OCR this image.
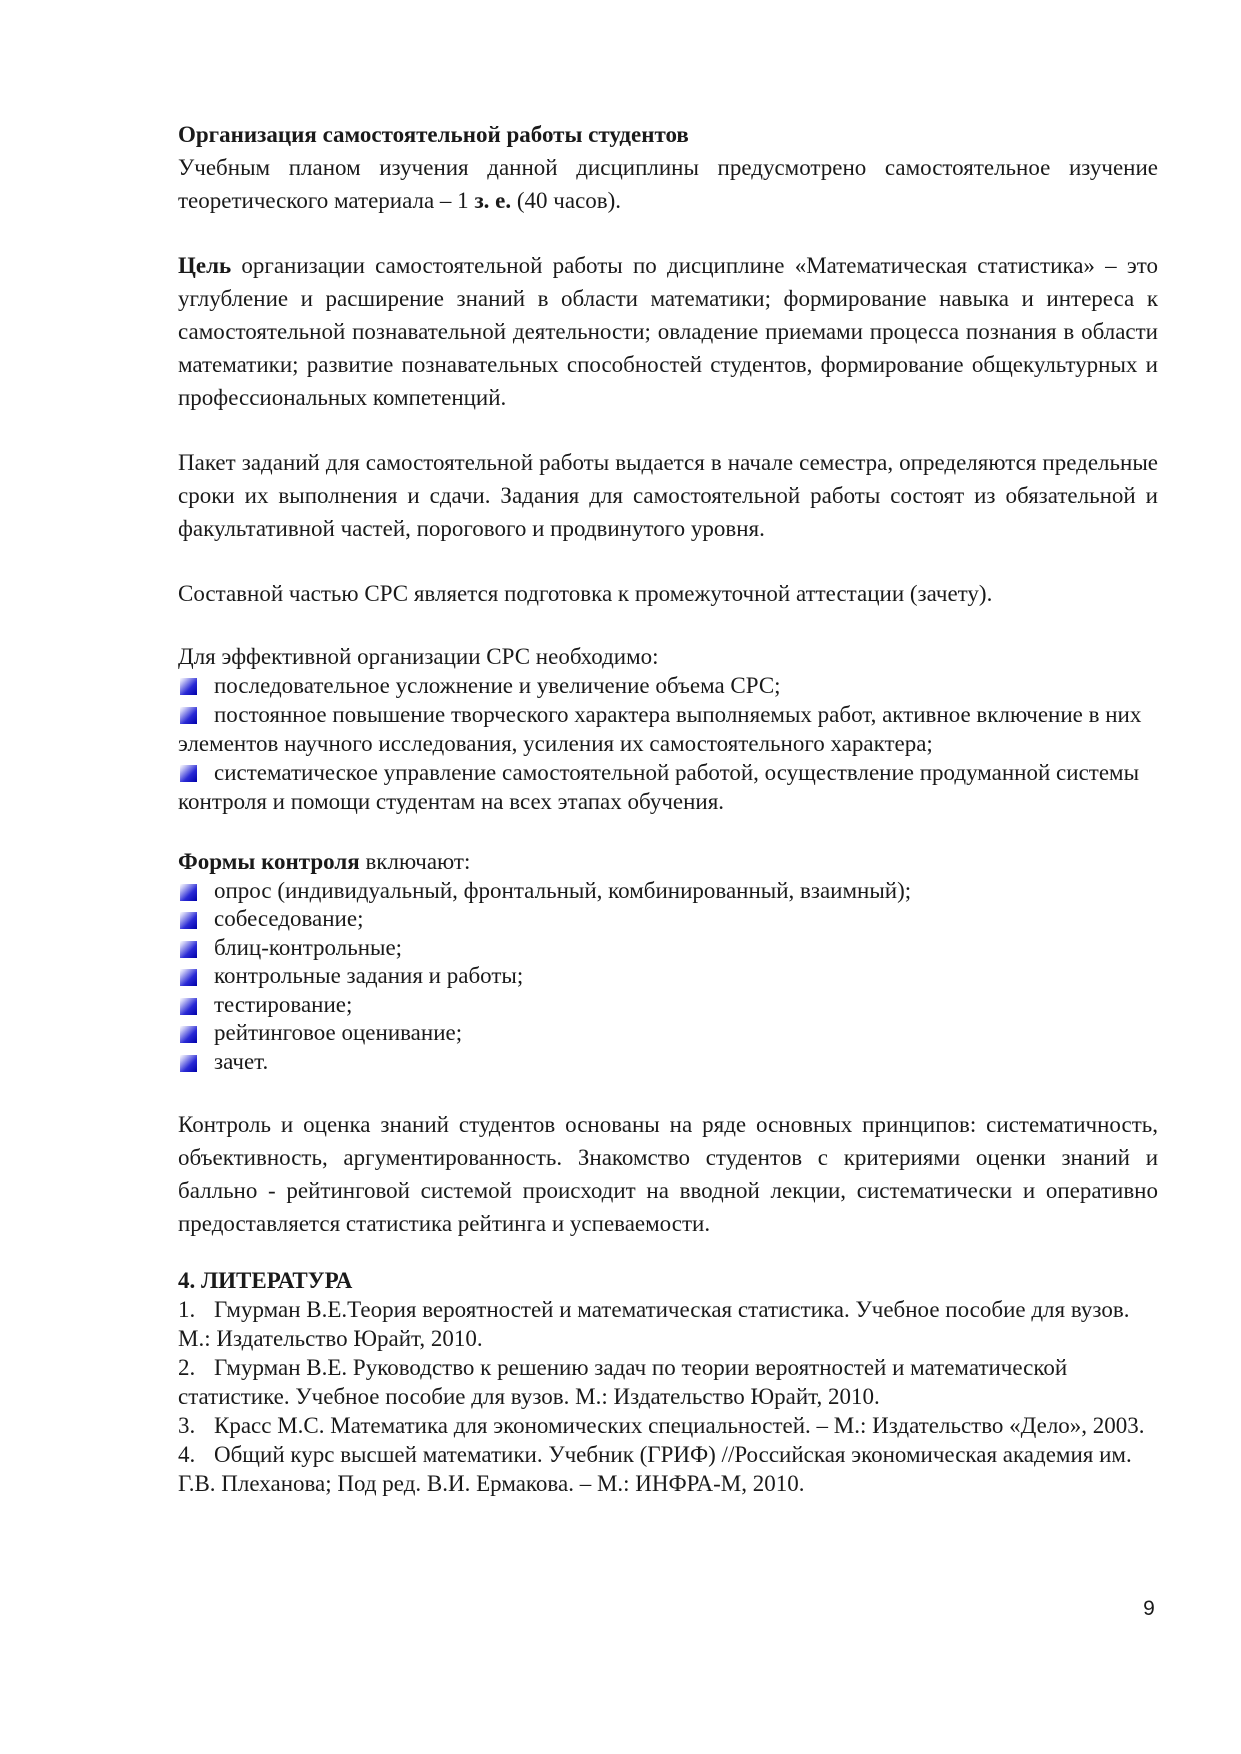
Организация самостоятельной работы студентов

Учебным планом изучения данной дисциплины предусмотрено самостоятельное изучение теоретического материала – 1 з. е. (40 часов).

Цель организации самостоятельной работы по дисциплине «Математическая статистика» – это углубление и расширение знаний в области математики; формирование навыка и интереса к самостоятельной познавательной деятельности; овладение приемами процесса познания в области математики; развитие познавательных способностей студентов, формирование общекультурных и профессиональных компетенций.

Пакет заданий для самостоятельной работы выдается в начале семестра, определяются предельные сроки их выполнения и сдачи. Задания для самостоятельной работы состоят из обязательной и факультативной частей, порогового и продвинутого уровня.

Составной частью СРС является подготовка к промежуточной аттестации (зачету).

Для эффективной организации СРС необходимо:

последовательное усложнение и увеличение объема СРС;
постоянное повышение творческого характера выполняемых работ, активное включение в них элементов научного исследования, усиления их самостоятельного характера;
систематическое управление самостоятельной работой, осуществление продуманной системы контроля и помощи студентам на всех этапах обучения.

Формы контроля включают:

опрос (индивидуальный, фронтальный, комбинированный, взаимный);
собеседование;
блиц-контрольные;
контрольные задания и работы;
тестирование;
рейтинговое оценивание;
зачет.

Контроль и оценка знаний студентов основаны на ряде основных принципов: систематичность, объективность, аргументированность. Знакомство студентов с критериями оценки знаний и балльно - рейтинговой системой происходит на вводной лекции, систематически и оперативно предоставляется статистика рейтинга и успеваемости.

4. ЛИТЕРАТУРА

1. Гмурман В.Е.Теория вероятностей и математическая статистика. Учебное пособие для вузов. М.: Издательство Юрайт, 2010.

2. Гмурман В.Е. Руководство к решению задач по теории вероятностей и математической статистике. Учебное пособие для вузов. М.: Издательство Юрайт, 2010.

3. Красс М.С. Математика для экономических специальностей. – М.: Издательство «Дело», 2003.

4. Общий курс высшей математики. Учебник (ГРИФ) //Российская экономическая академия им. Г.В. Плеханова; Под ред. В.И. Ермакова. – М.: ИНФРА-М, 2010.

9
